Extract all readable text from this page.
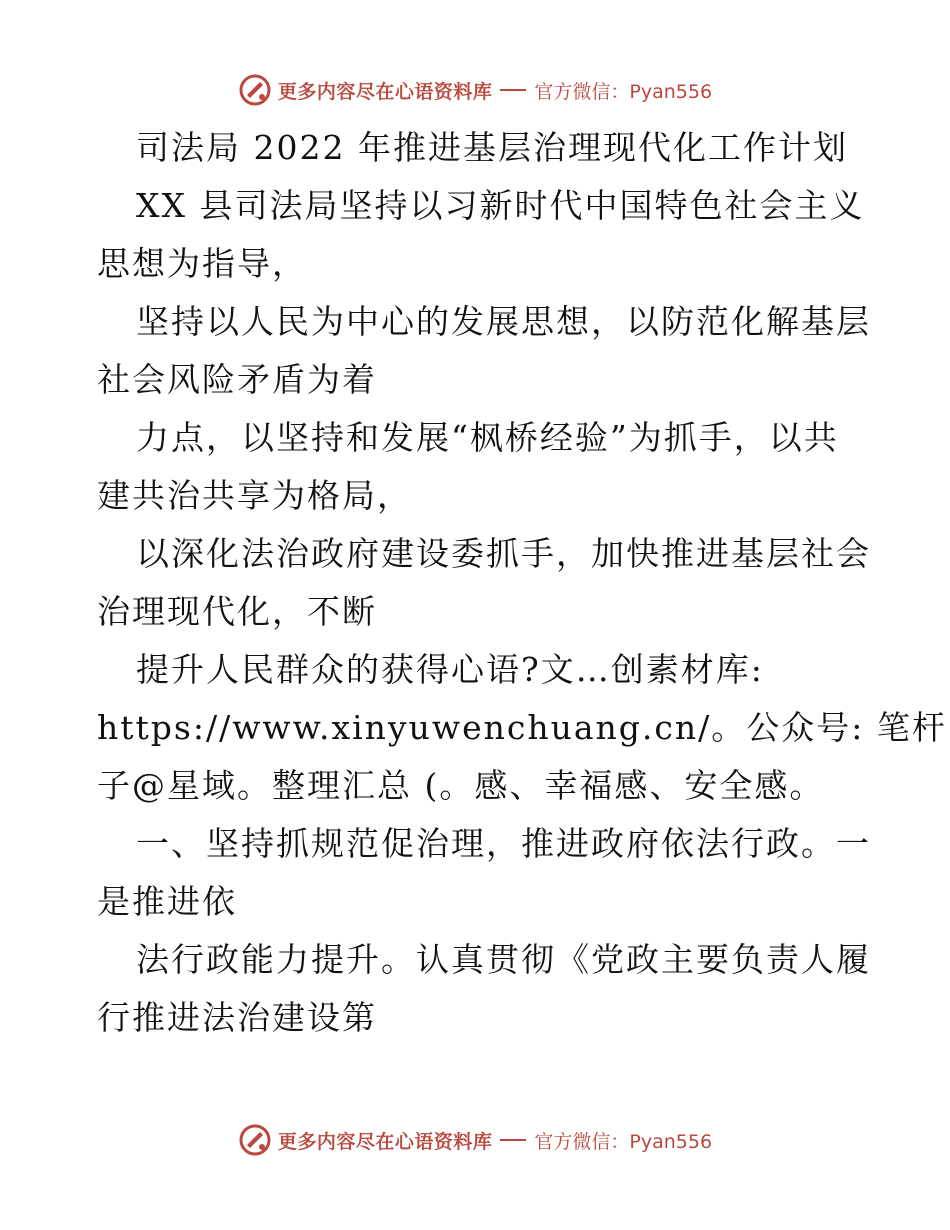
更多内容尽在心语资料库 官方微信：Pyan556
司法局 2022 年推进基层治理现代化工作计划
XX 县司法局坚持以习新时代中国特色社会主义
思想为指导，
坚持以人民为中心的发展思想，以防范化解基层
社会风险矛盾为着
力点，以坚持和发展“枫桥经验”为抓手，以共
建共治共享为格局，
以深化法治政府建设委抓手，加快推进基层社会
治理现代化，不断
提升人民群众的获得心语?文…创素材库:
https://www.xinyuwenchuang.cn/。公众号: 笔杆
子@星域。整理汇总 (。感、幸福感、安全感。
一、坚持抓规范促治理，推进政府依法行政。一
是推进依
法行政能力提升。认真贯彻《党政主要负责人履
行推进法治建设第
更多内容尽在心语资料库 官方微信：Pyan556
